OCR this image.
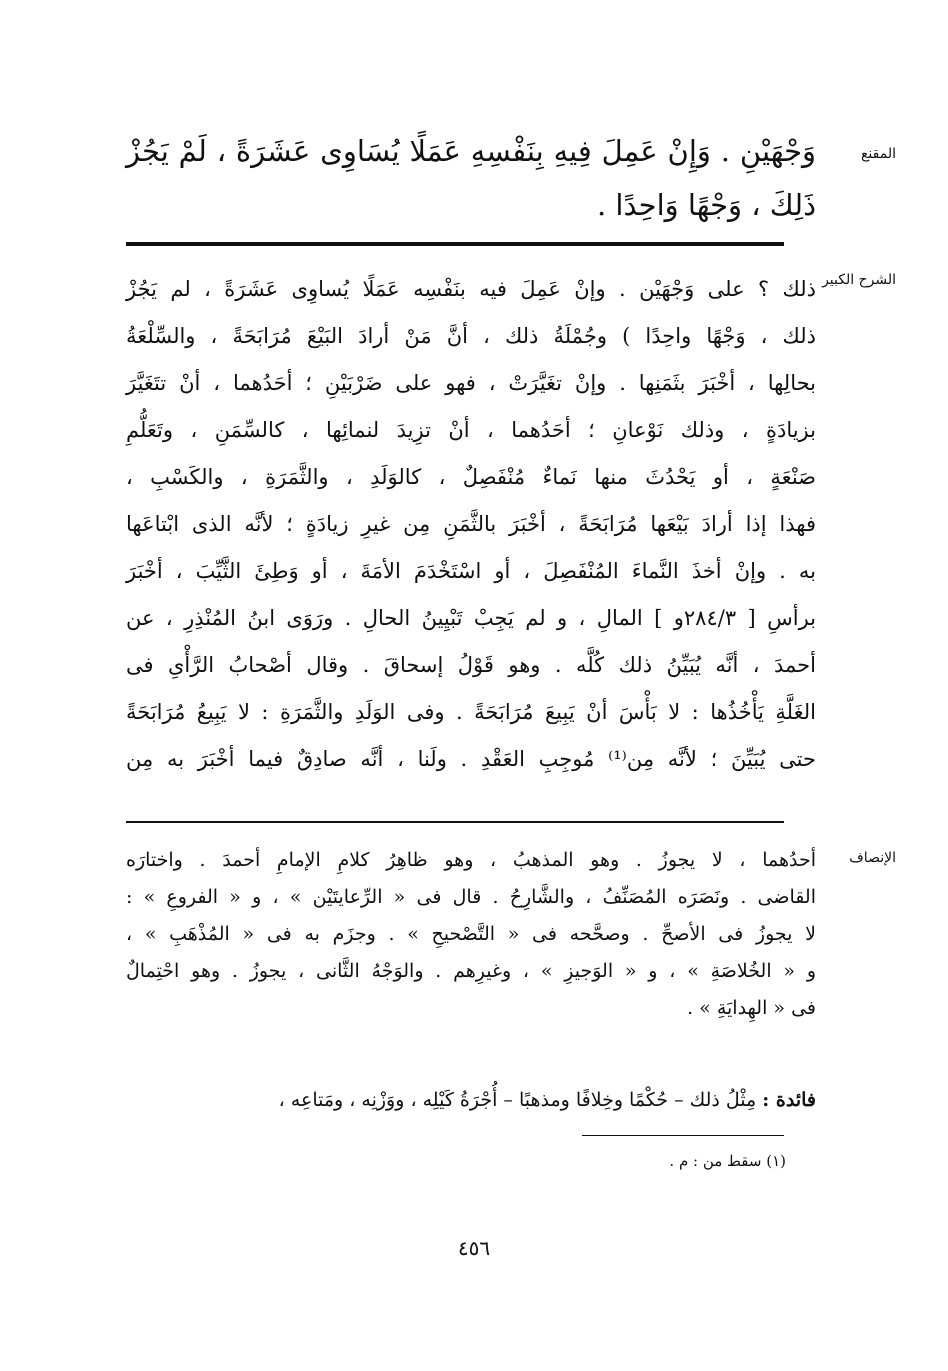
المقنع
وَجْهَيْنِ . وَإِنْ عَمِلَ فِيهِ بِنَفْسِهِ عَمَلًا يُسَاوِى عَشَرَةً ، لَمْ يَجُزْ
ذَلِكَ ، وَجْهًا وَاحِدًا .
الشرح الكبير
ذلك ؟ على وَجْهَيْن . وإنْ عَمِلَ فيه بنَفْسِه عَمَلًا يُساوِى عَشَرَةً ، لم يَجُزْ
ذلك ، وَجْهًا واحِدًا ) وجُمْلَةُ ذلك ، أنَّ مَنْ أرادَ البَيْعَ مُرَابَحَةً ، والسِّلْعَةُ
بحالِها ، أخْبَرَ بثَمَنِها . وإنْ تغَيَّرَتْ ، فهو على ضَرْبَيْنِ ؛ أحَدُهما ، أنْ تتَغَيَّرَ
بزيادَةٍ ، وذلك نَوْعانِ ؛ أحَدُهما ، أنْ تزِيدَ لنمائِها ، كالسِّمَنِ ، وتَعَلُّمِ
صَنْعَةٍ ، أو يَحْدُثَ منها نَماءٌ مُنْفَصِلٌ ، كالوَلَدِ ، والثَّمَرَةِ ، والكَسْبِ ،
فهذا إذا أرادَ بَيْعَها مُرَابَحَةً ، أخْبَرَ بالثَّمَنِ مِن غيرِ زيادَةٍ ؛ لأنَّه الذى ابْتاعَها
به . وإنْ أخذَ النَّماءَ المُنْفَصِلَ ، أو اسْتَخْدَمَ الأمَةَ ، أو وَطِئَ الثَّيِّبَ ، أخْبَرَ
برأسِ [ ٢٨٤/٣و ] المالِ ، و لم يَجِبْ تَبْيِينُ الحالِ . ورَوَى ابنُ المُنْذِرِ ، عن
أحمدَ ، أنَّه يُبَيِّنُ ذلك كُلَّه . وهو قَوْلُ إسحاقَ . وقال أصْحابُ الرَّأْىِ فى
الغَلَّةِ يَأْخُذُها : لا بَأْسَ أنْ يَبِيعَ مُرَابَحَةً . وفى الوَلَدِ والثَّمَرَةِ : لا يَبِيعُ مُرَابَحَةً
حتى يُبَيِّنَ ؛ لأنَّه مِن⁽¹⁾ مُوجِبِ العَقْدِ . ولَنا ، أنَّه صادِقٌ فيما أخْبَرَ به مِن
الإنصاف
أحدُهما ، لا يجوزُ . وهو المذهبُ ، وهو ظاهِرُ كلامِ الإمامِ أحمدَ . واختارَه
القاضى . ونَصَرَه المُصَنِّفُ ، والشَّارِحُ . قال فى « الرِّعايتَيْن » ، و « الفروعِ » :
لا يجوزُ فى الأصحِّ . وصحَّحه فى « التَّصْحيحِ » . وجزَم به فى « المُذْهَبِ » ،
و « الخُلاصَةِ » ، و « الوَجيزِ » ، وغيرِهم . والوَجْهُ الثَّانى ، يجوزُ . وهو احْتِمالٌ
فى « الهِدايَةِ » .
فائدة : مِثْلُ ذلك – حُكْمًا وخِلافًا ومذهبًا – أُجْرَةُ كَيْلِه ، ووَزْنِه ، ومَتاعِه ،
(١) سقط من : م .
٤٥٦
